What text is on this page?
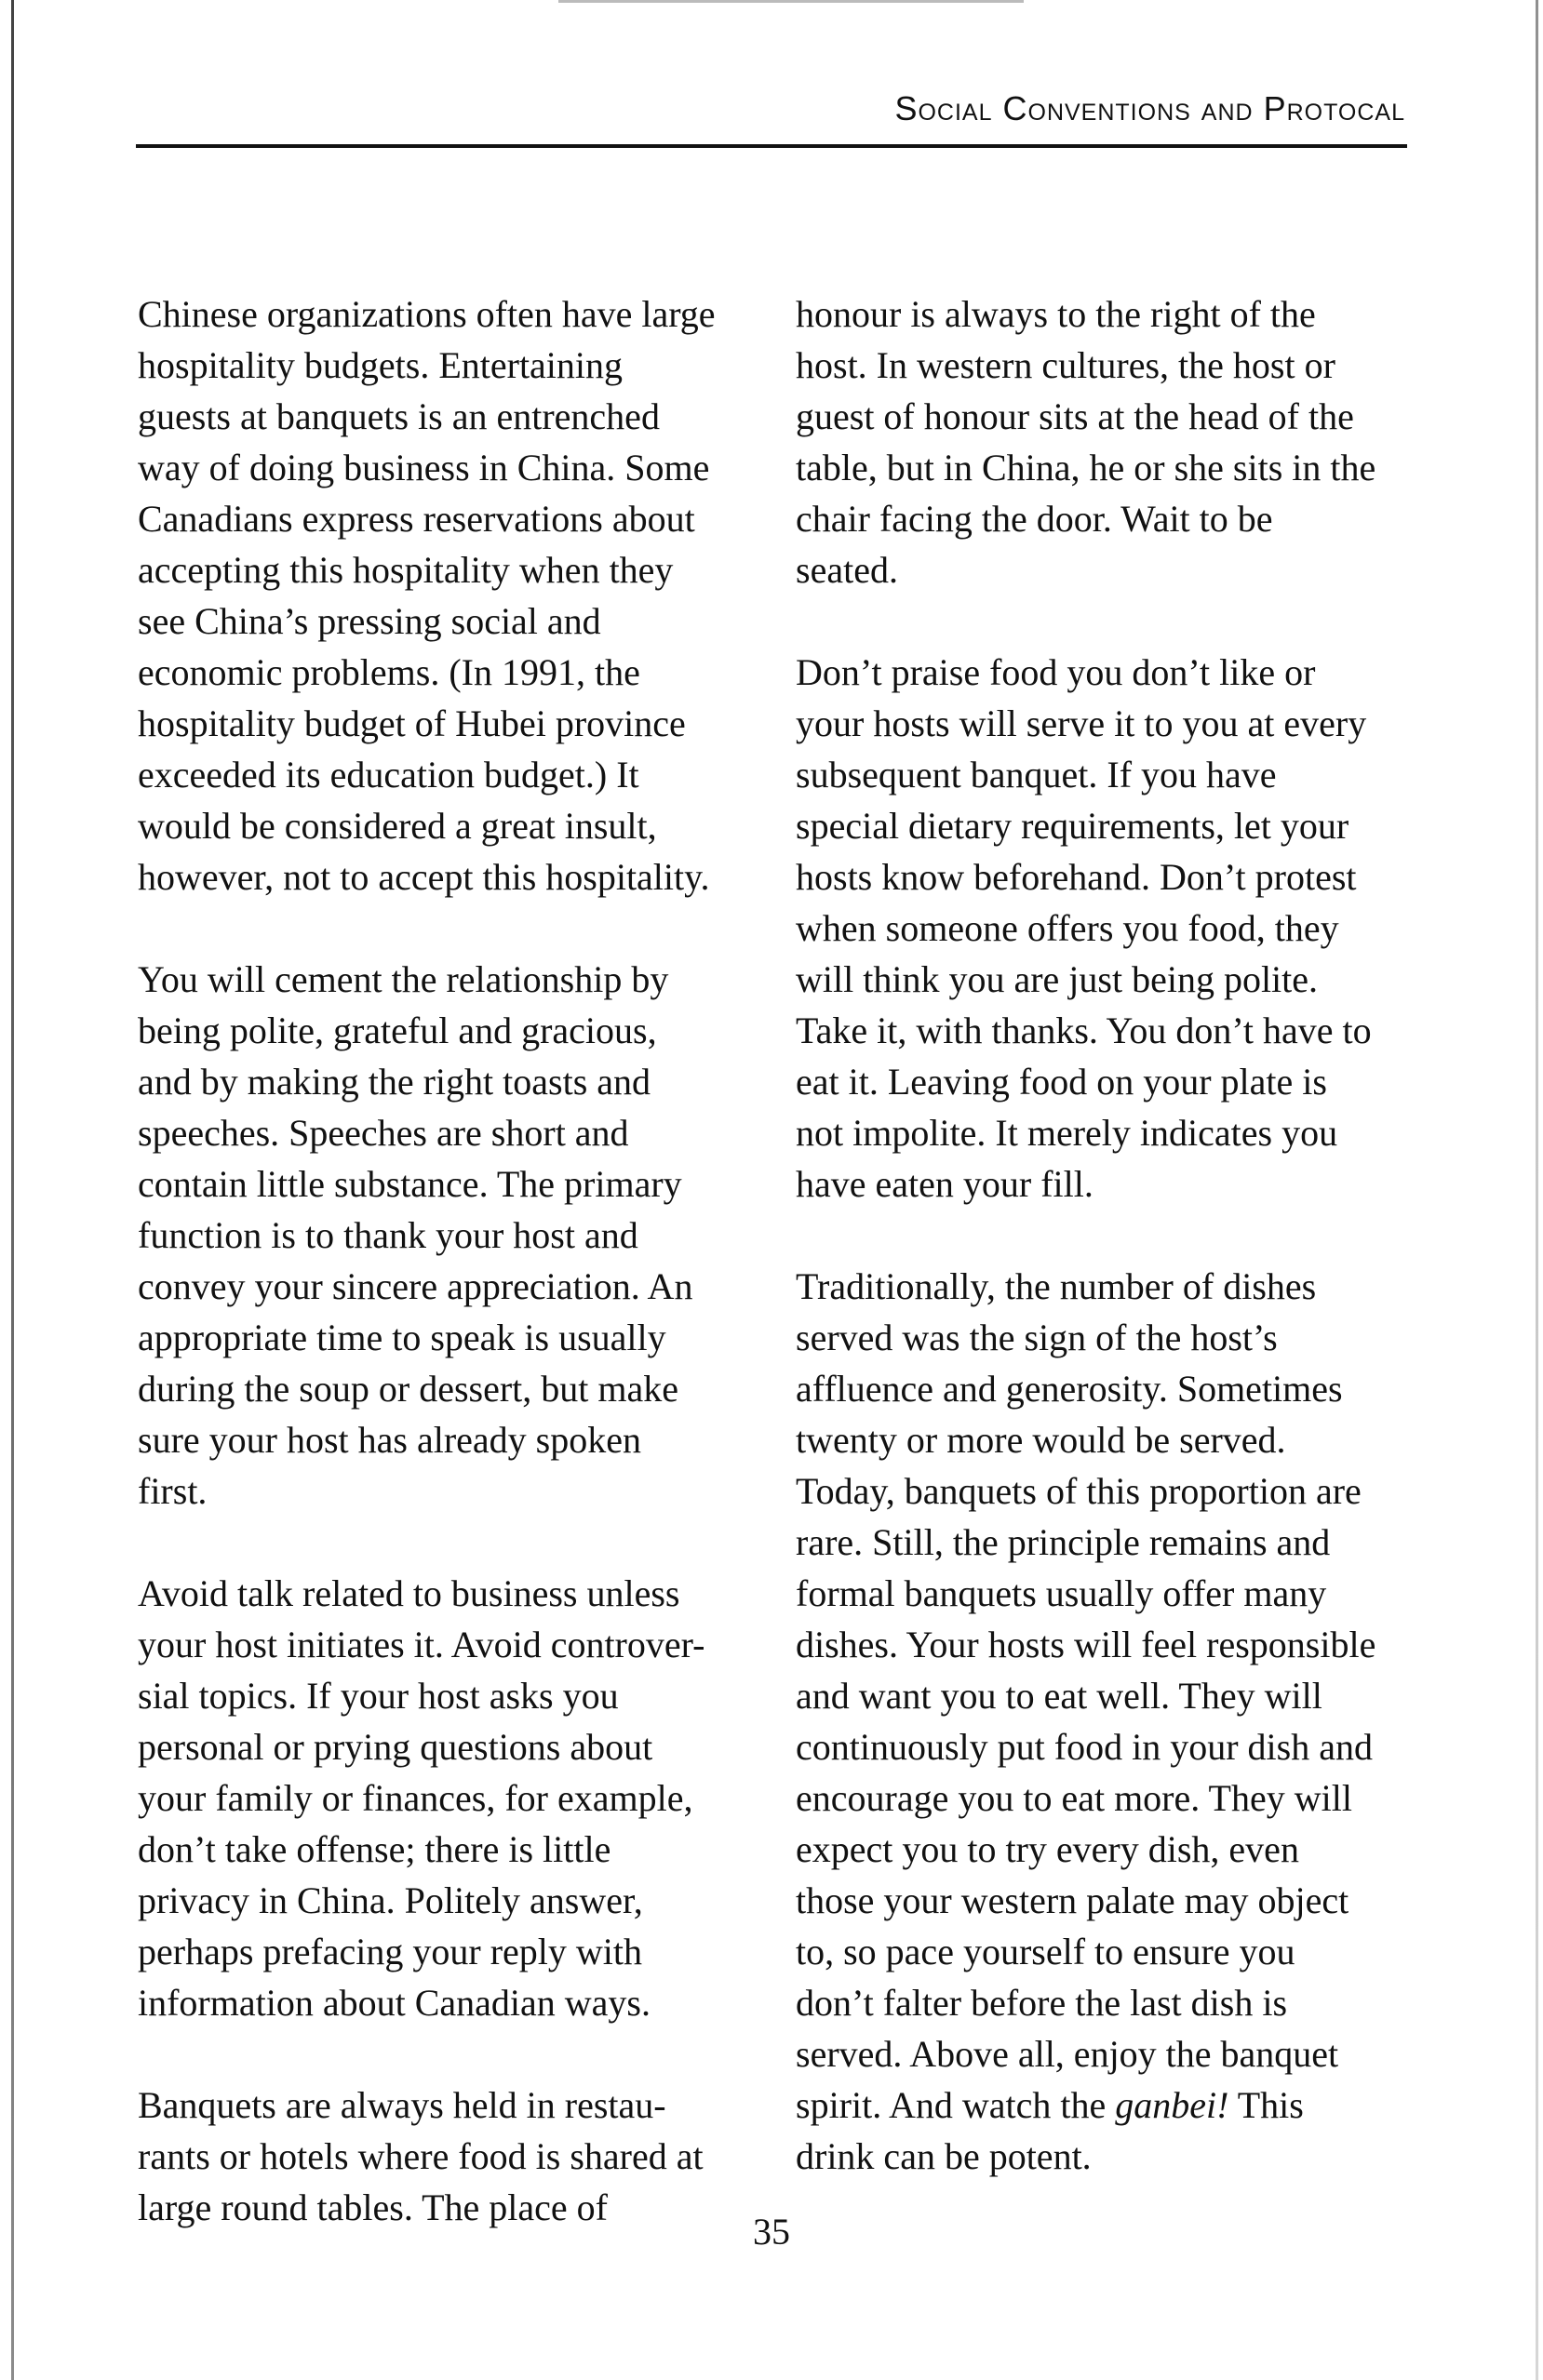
Social Conventions and Protocal

Chinese organizations often have large
hospitality budgets. Entertaining
guests at banquets is an entrenched
way of doing business in China. Some
Canadians express reservations about
accepting this hospitality when they
see China’s pressing social and
economic problems. (In 1991, the
hospitality budget of Hubei province
exceeded its education budget.) It
would be considered a great insult,
however, not to accept this hospitality.

You will cement the relationship by
being polite, grateful and gracious,
and by making the right toasts and
speeches. Speeches are short and
contain little substance. The primary
function is to thank your host and
convey your sincere appreciation. An
appropriate time to speak is usually
during the soup or dessert, but make
sure your host has already spoken
first.

Avoid talk related to business unless
your host initiates it. Avoid controver-
sial topics. If your host asks you
personal or prying questions about
your family or finances, for example,
don’t take offense; there is little
privacy in China. Politely answer,
perhaps prefacing your reply with
information about Canadian ways.

Banquets are always held in restau-
rants or hotels where food is shared at
large round tables. The place of

honour is always to the right of the
host. In western cultures, the host or
guest of honour sits at the head of the
table, but in China, he or she sits in the
chair facing the door. Wait to be
seated.

Don’t praise food you don’t like or
your hosts will serve it to you at every
subsequent banquet. If you have
special dietary requirements, let your
hosts know beforehand. Don’t protest
when someone offers you food, they
will think you are just being polite.
Take it, with thanks. You don’t have to
eat it. Leaving food on your plate is
not impolite. It merely indicates you
have eaten your fill.

Traditionally, the number of dishes
served was the sign of the host’s
affluence and generosity. Sometimes
twenty or more would be served.
Today, banquets of this proportion are
rare. Still, the principle remains and
formal banquets usually offer many
dishes. Your hosts will feel responsible
and want you to eat well. They will
continuously put food in your dish and
encourage you to eat more. They will
expect you to try every dish, even
those your western palate may object
to, so pace yourself to ensure you
don’t falter before the last dish is
served. Above all, enjoy the banquet
spirit. And watch the ganbei! This
drink can be potent.

35
